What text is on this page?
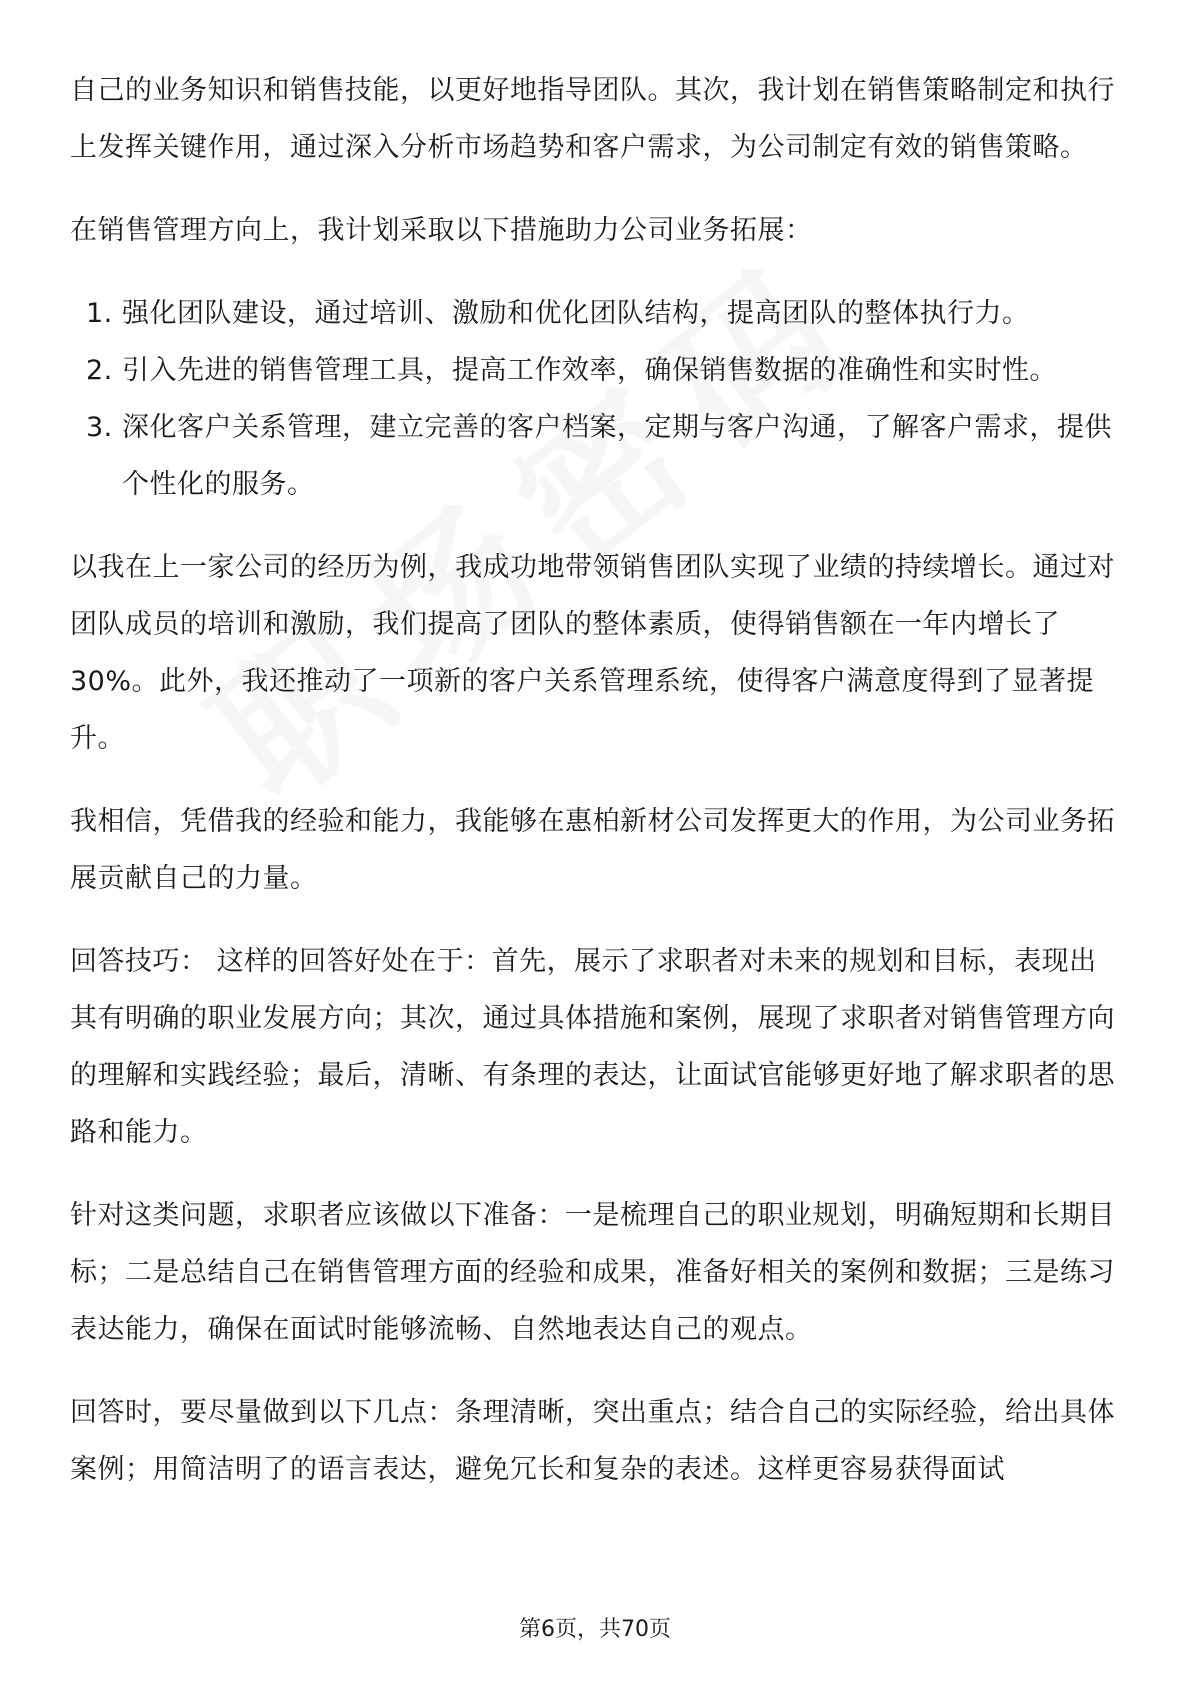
自己的业务知识和销售技能，以更好地指导团队。其次，我计划在销售策略制定和执行上发挥关键作用，通过深入分析市场趋势和客户需求，为公司制定有效的销售策略。

在销售管理方向上，我计划采取以下措施助力公司业务拓展：

1. 强化团队建设，通过培训、激励和优化团队结构，提高团队的整体执行力。
2. 引入先进的销售管理工具，提高工作效率，确保销售数据的准确性和实时性。
3. 深化客户关系管理，建立完善的客户档案，定期与客户沟通，了解客户需求，提供个性化的服务。

以我在上一家公司的经历为例，我成功地带领销售团队实现了业绩的持续增长。通过对团队成员的培训和激励，我们提高了团队的整体素质，使得销售额在一年内增长了30%。此外，我还推动了一项新的客户关系管理系统，使得客户满意度得到了显著提升。

我相信，凭借我的经验和能力，我能够在惠柏新材公司发挥更大的作用，为公司业务拓展贡献自己的力量。

回答技巧： 这样的回答好处在于：首先，展示了求职者对未来的规划和目标，表现出其有明确的职业发展方向；其次，通过具体措施和案例，展现了求职者对销售管理方向的理解和实践经验；最后，清晰、有条理的表达，让面试官能够更好地了解求职者的思路和能力。

针对这类问题，求职者应该做以下准备：一是梳理自己的职业规划，明确短期和长期目标；二是总结自己在销售管理方面的经验和成果，准备好相关的案例和数据；三是练习表达能力，确保在面试时能够流畅、自然地表达自己的观点。

回答时，要尽量做到以下几点：条理清晰，突出重点；结合自己的实际经验，给出具体案例；用简洁明了的语言表达，避免冗长和复杂的表述。这样更容易获得面试

第6页，共70页
